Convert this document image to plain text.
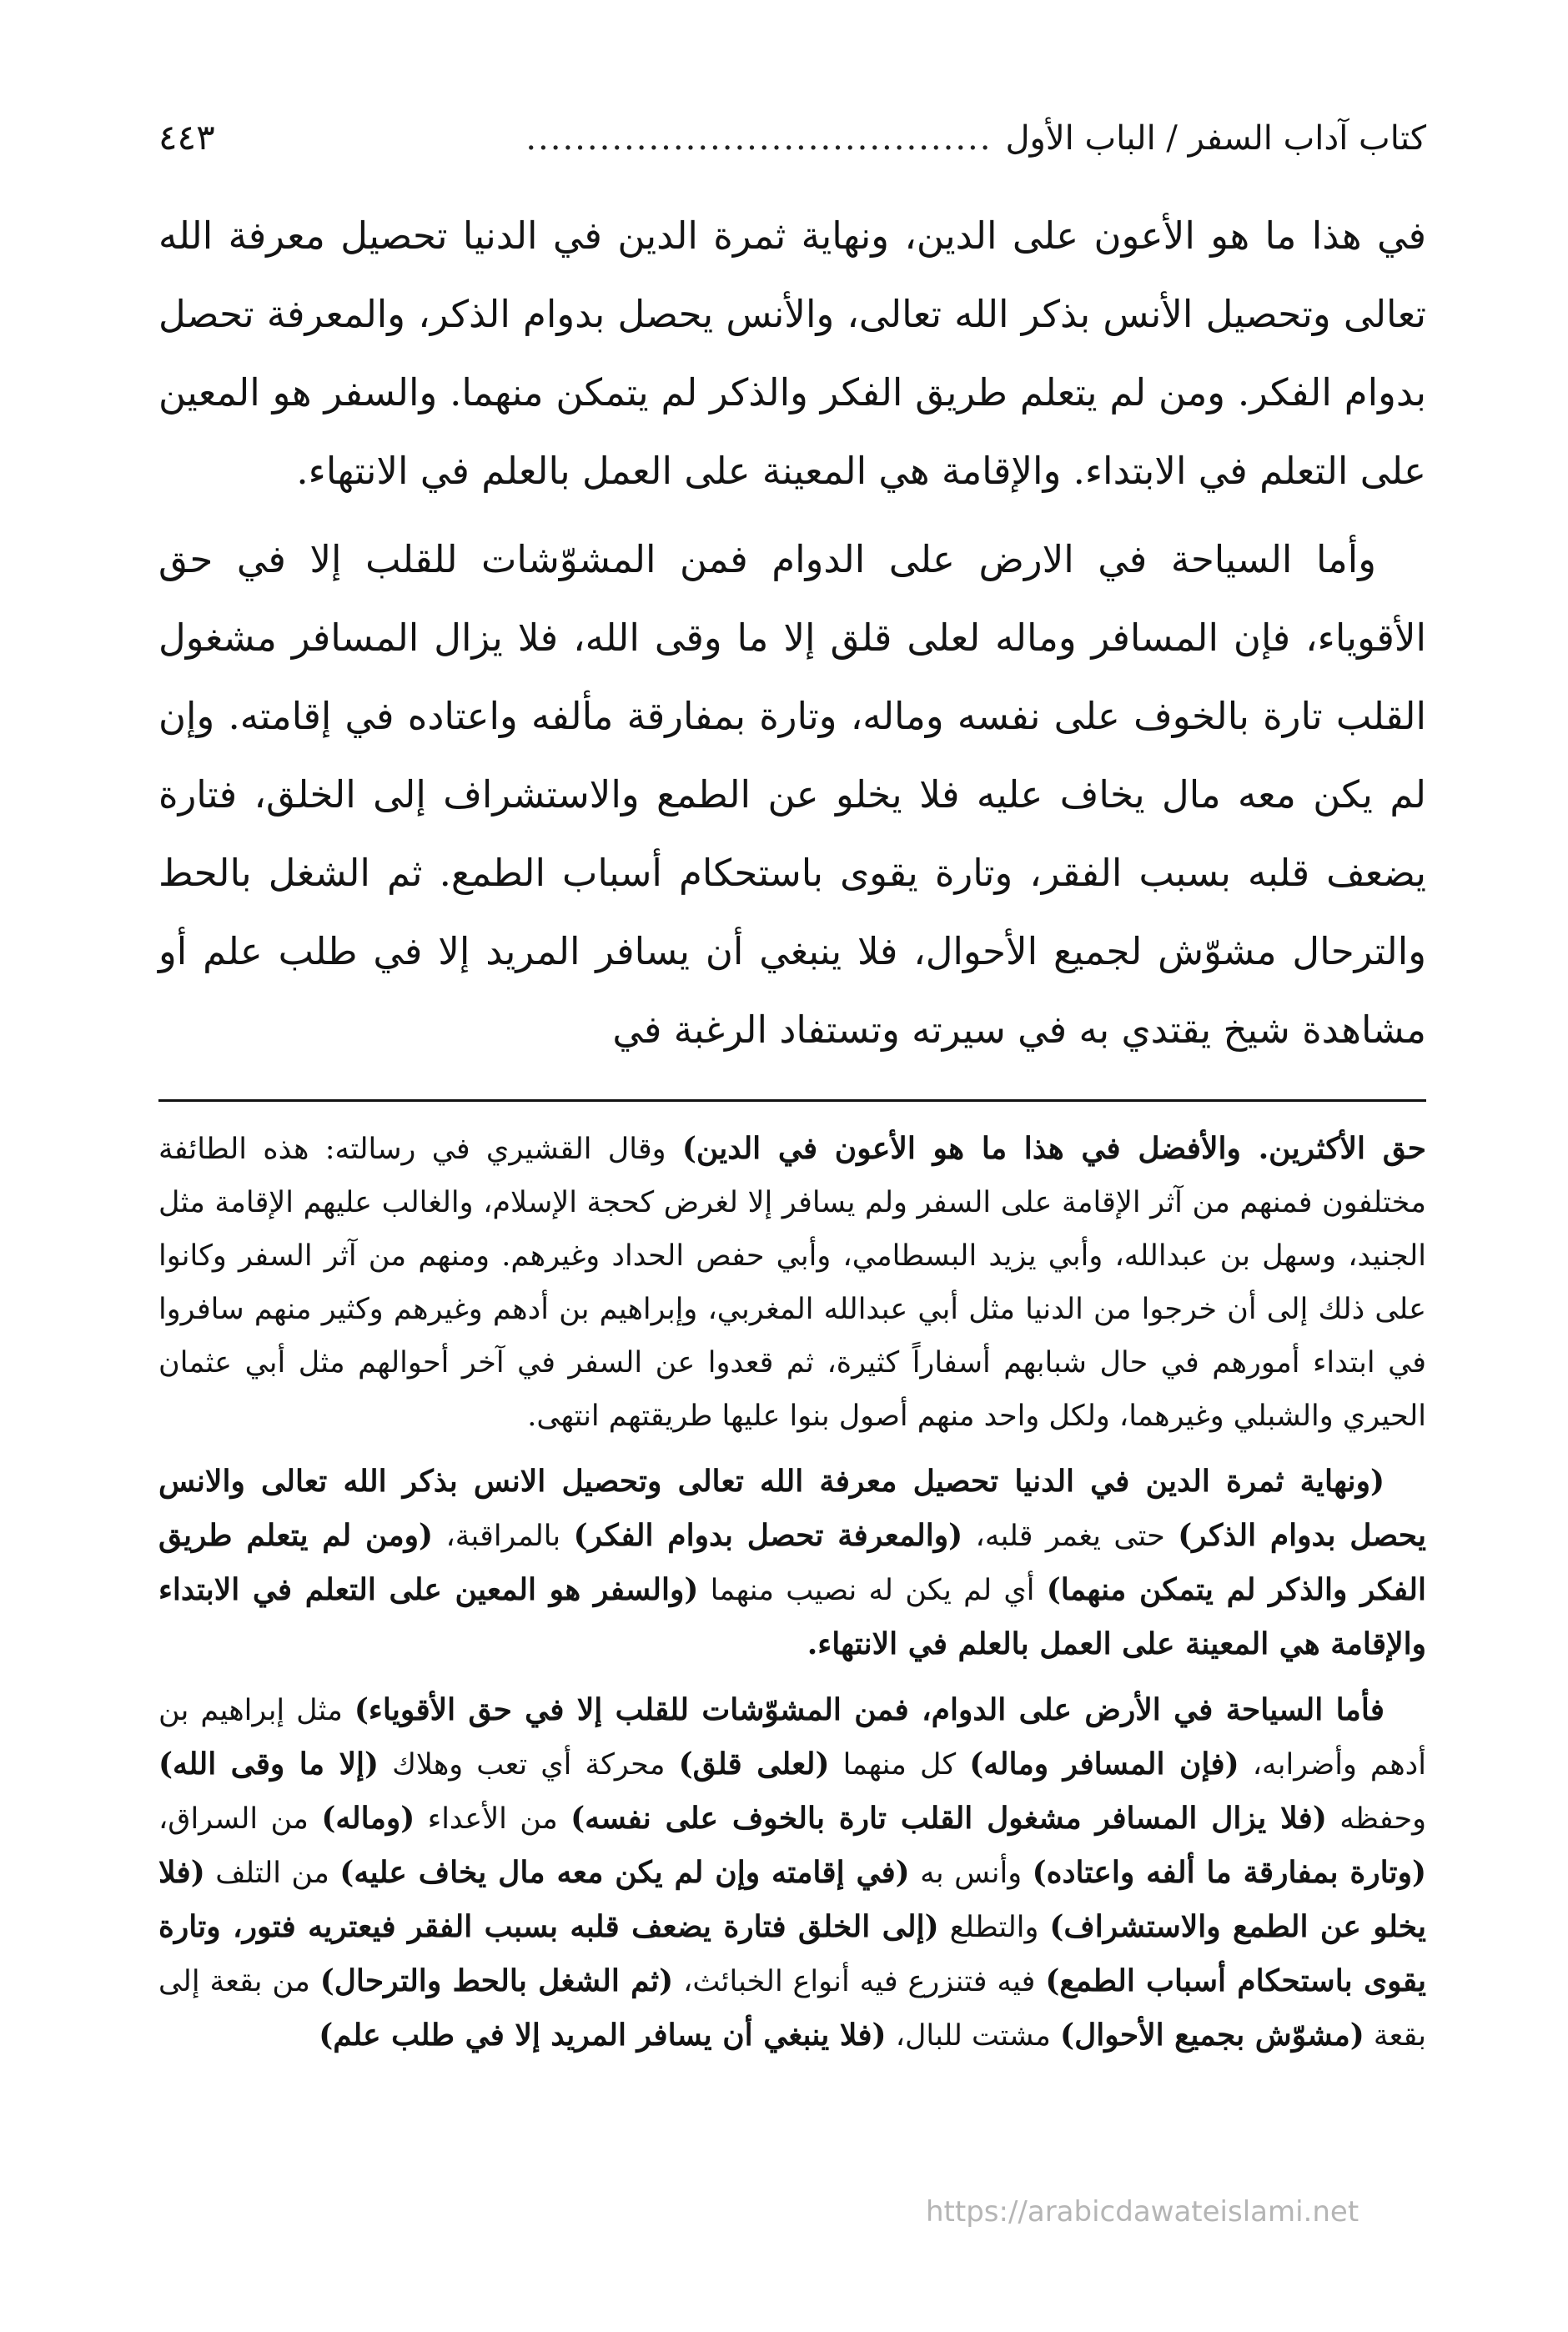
كتاب آداب السفر / الباب الأول
......................................
٤٤٣

في هذا ما هو الأعون على الدين، ونهاية ثمرة الدين في الدنيا تحصيل معرفة الله تعالى وتحصيل الأنس بذكر الله تعالى، والأنس يحصل بدوام الذكر، والمعرفة تحصل بدوام الفكر. ومن لم يتعلم طريق الفكر والذكر لم يتمكن منهما. والسفر هو المعين على التعلم في الابتداء. والإقامة هي المعينة على العمل بالعلم في الانتهاء.

وأما السياحة في الارض على الدوام فمن المشوّشات للقلب إلا في حق الأقوياء، فإن المسافر وماله لعلى قلق إلا ما وقى الله، فلا يزال المسافر مشغول القلب تارة بالخوف على نفسه وماله، وتارة بمفارقة مألفه واعتاده في إقامته. وإن لم يكن معه مال يخاف عليه فلا يخلو عن الطمع والاستشراف إلى الخلق، فتارة يضعف قلبه بسبب الفقر، وتارة يقوى باستحكام أسباب الطمع. ثم الشغل بالحط والترحال مشوّش لجميع الأحوال، فلا ينبغي أن يسافر المريد إلا في طلب علم أو مشاهدة شيخ يقتدي به في سيرته وتستفاد الرغبة في

حق الأكثرين. والأفضل في هذا ما هو الأعون في الدين) وقال القشيري في رسالته: هذه الطائفة مختلفون فمنهم من آثر الإقامة على السفر ولم يسافر إلا لغرض كحجة الإسلام، والغالب عليهم الإقامة مثل الجنيد، وسهل بن عبدالله، وأبي يزيد البسطامي، وأبي حفص الحداد وغيرهم. ومنهم من آثر السفر وكانوا على ذلك إلى أن خرجوا من الدنيا مثل أبي عبدالله المغربي، وإبراهيم بن أدهم وغيرهم وكثير منهم سافروا في ابتداء أمورهم في حال شبابهم أسفاراً كثيرة، ثم قعدوا عن السفر في آخر أحوالهم مثل أبي عثمان الحيري والشبلي وغيرهما، ولكل واحد منهم أصول بنوا عليها طريقتهم انتهى.

(ونهاية ثمرة الدين في الدنيا تحصيل معرفة الله تعالى وتحصيل الانس بذكر الله تعالى والانس يحصل بدوام الذكر) حتى يغمر قلبه، (والمعرفة تحصل بدوام الفكر) بالمراقبة، (ومن لم يتعلم طريق الفكر والذكر لم يتمكن منهما) أي لم يكن له نصيب منهما (والسفر هو المعين على التعلم في الابتداء والإقامة هي المعينة على العمل بالعلم في الانتهاء.

فأما السياحة في الأرض على الدوام، فمن المشوّشات للقلب إلا في حق الأقوياء) مثل إبراهيم بن أدهم وأضرابه، (فإن المسافر وماله) كل منهما (لعلى قلق) محركة أي تعب وهلاك (إلا ما وقى الله) وحفظه (فلا يزال المسافر مشغول القلب تارة بالخوف على نفسه) من الأعداء (وماله) من السراق، (وتارة بمفارقة ما ألفه واعتاده) وأنس به (في إقامته وإن لم يكن معه مال يخاف عليه) من التلف (فلا يخلو عن الطمع والاستشراف) والتطلع (إلى الخلق فتارة يضعف قلبه بسبب الفقر فيعتريه فتور، وتارة يقوى باستحكام أسباب الطمع) فيه فتنزرع فيه أنواع الخبائث، (ثم الشغل بالحط والترحال) من بقعة إلى بقعة (مشوّش بجميع الأحوال) مشتت للبال، (فلا ينبغي أن يسافر المريد إلا في طلب علم)

https://arabicdawateislami.net
